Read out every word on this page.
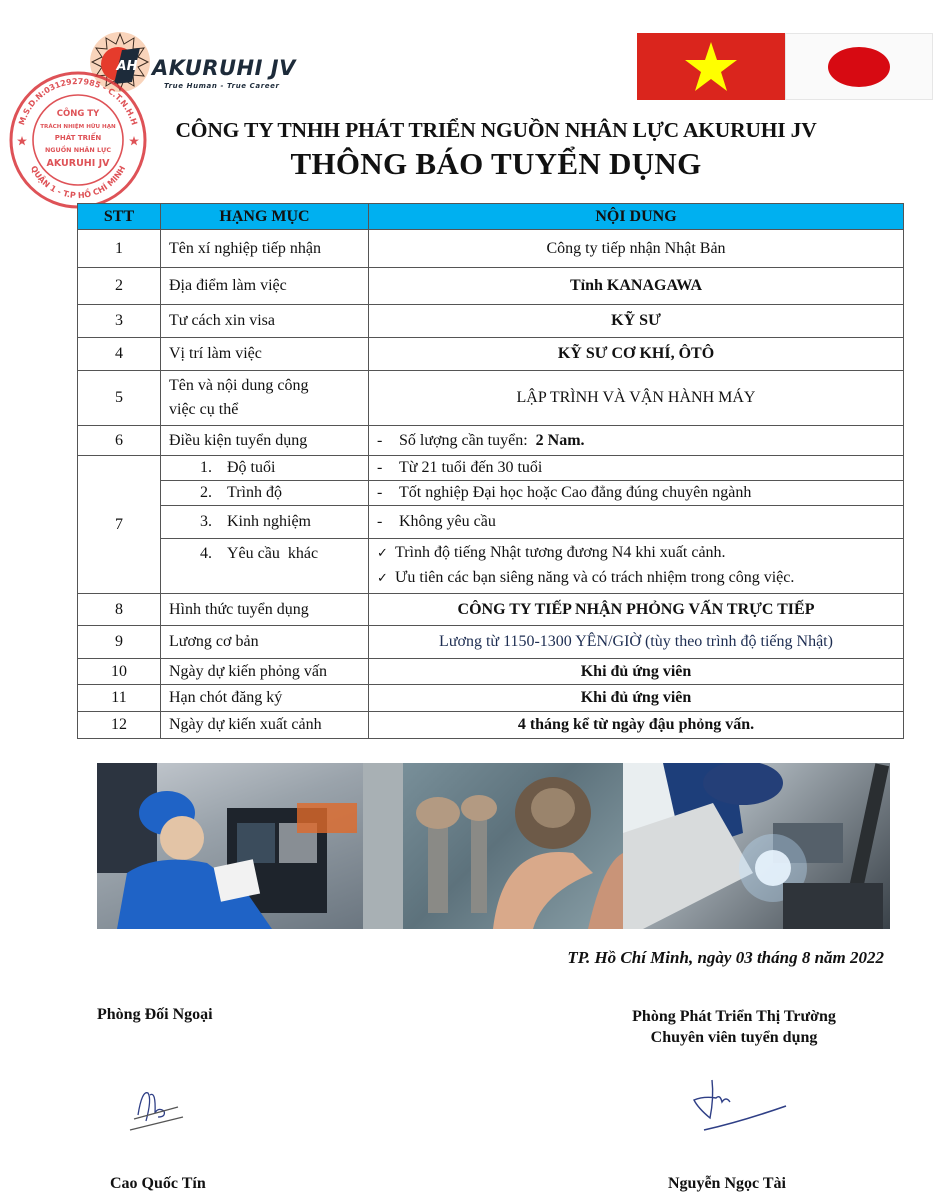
AH AKURUHI JV
True Human - True Career
M.S.D.N:0312927985 - C.T.N.H.H
QUẬN 1 - T.P HỒ CHÍ MINH
CÔNG TY
TRÁCH NHIỆM HỮU HẠN
PHÁT TRIỂN
NGUỒN NHÂN LỰC
AKURUHI JV
CÔNG TY TNHH PHÁT TRIỂN NGUỒN NHÂN LỰC AKURUHI JV
THÔNG BÁO TUYỂN DỤNG
STT	HẠNG MỤC	NỘI DUNG
1	Tên xí nghiệp tiếp nhận	Công ty tiếp nhận Nhật Bản
2	Địa điểm làm việc	Tỉnh KANAGAWA
3	Tư cách xin visa	KỸ SƯ
4	Vị trí làm việc	KỸ SƯ CƠ KHÍ, ÔTÔ
5	Tên và nội dung công
việc cụ thể	LẬP TRÌNH VÀ VẬN HÀNH MÁY
6	Điều kiện tuyển dụng	- Số lượng cần tuyển: 2 Nam.
7	1. Độ tuổi	- Từ 21 tuổi đến 30 tuổi
	2. Trình độ	- Tốt nghiệp Đại học hoặc Cao đẳng đúng chuyên ngành
	3. Kinh nghiệm	- Không yêu cầu
	4. Yêu cầu  khác	✓ Trình độ tiếng Nhật tương đương N4 khi xuất cảnh.
✓ Ưu tiên các bạn siêng năng và có trách nhiệm trong công việc.

8	Hình thức tuyển dụng	CÔNG TY TIẾP NHẬN PHỎNG VẤN TRỰC TIẾP
9	Lương cơ bản	Lương từ 1150-1300 YÊN/GIỜ (tùy theo trình độ tiếng Nhật)
10	Ngày dự kiến phỏng vấn	Khi đủ ứng viên
11	Hạn chót đăng ký	Khi đủ ứng viên
12	Ngày dự kiến xuất cảnh	4 tháng kể từ ngày đậu phỏng vấn.
TP. Hồ Chí Minh, ngày 03 tháng 8 năm 2022
Phòng Đối Ngoại	Phòng Phát Triển Thị Trường
Chuyên viên tuyển dụng
Cao Quốc Tín	Nguyễn Ngọc Tài
